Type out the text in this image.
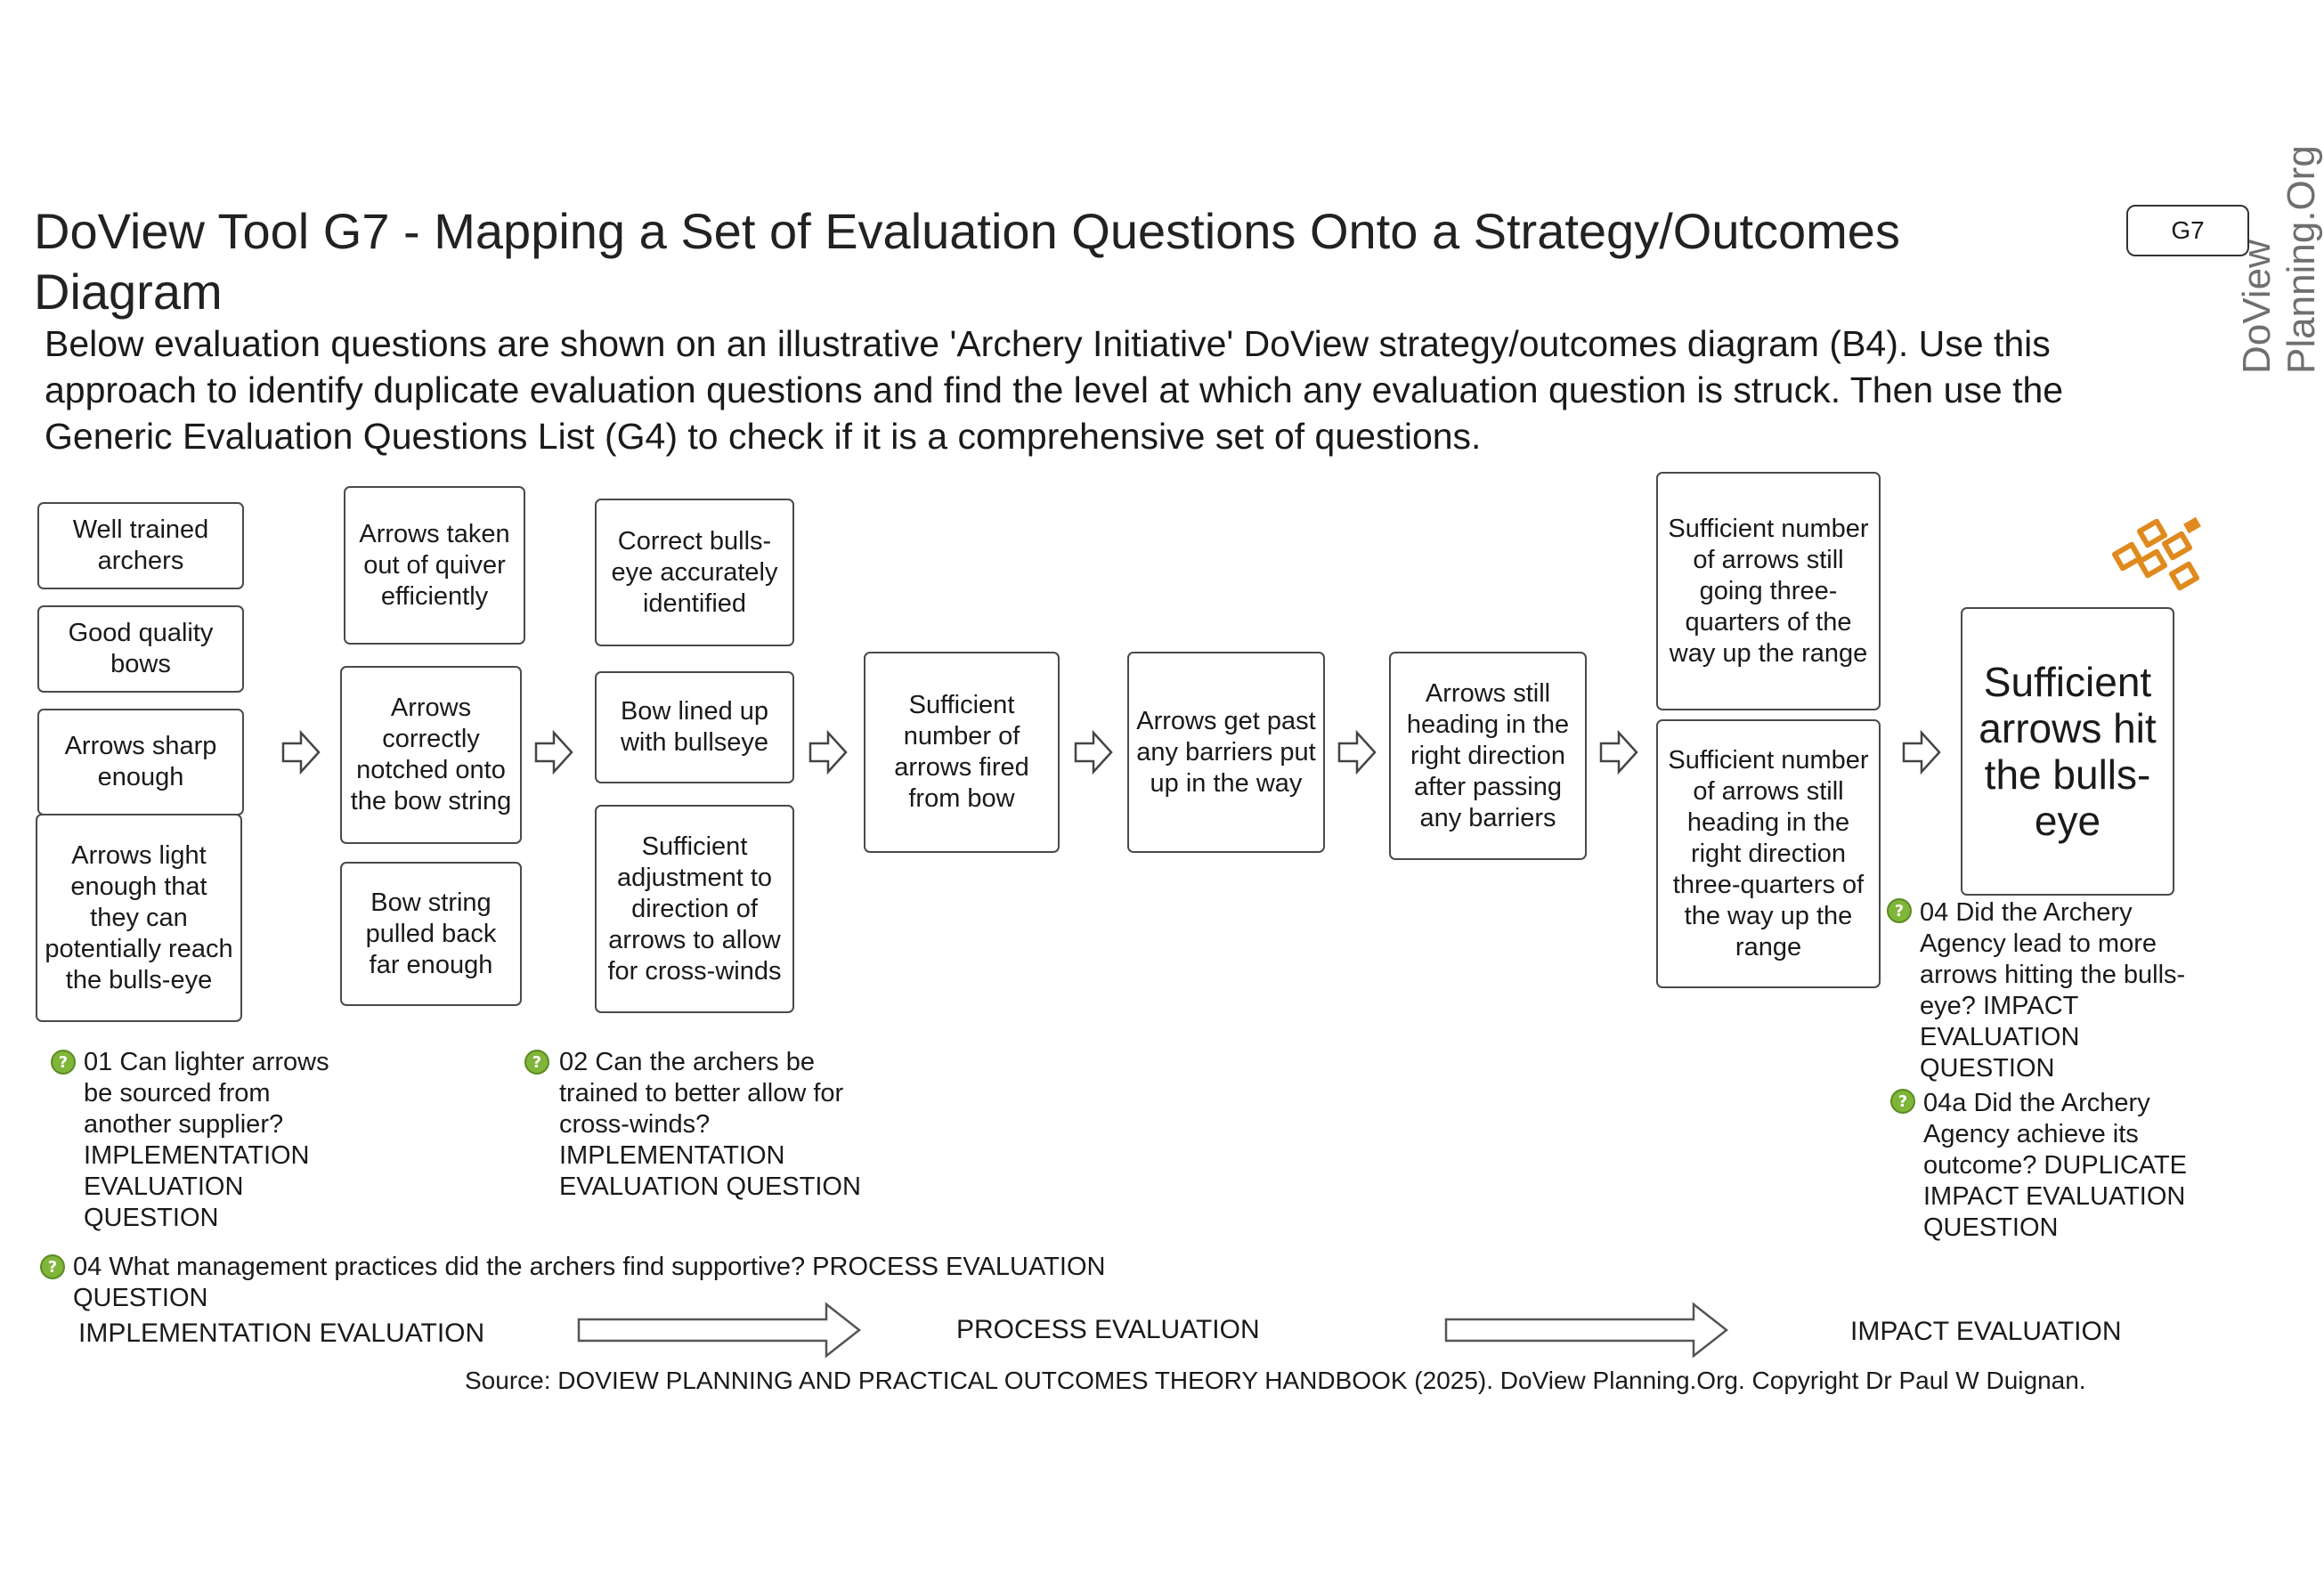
DoView Tool G7 - Mapping a Set of Evaluation Questions Onto a Strategy/Outcomes Diagram
Below evaluation questions are shown on an illustrative 'Archery Initiative' DoView strategy/outcomes diagram (B4). Use this approach to identify duplicate evaluation questions and find the level at which any evaluation question is struck. Then use the Generic Evaluation Questions List (G4) to check if it is a comprehensive set of questions.
G7
DoView Planning.Org
Well trained archers
Good quality bows
Arrows sharp enough
Arrows light enough that they can potentially reach the bulls-eye
Arrows taken out of quiver efficiently
Arrows correctly notched onto the bow string
Bow string pulled back far enough
Correct bulls-eye accurately identified
Bow lined up with bullseye
Sufficient adjustment to direction of arrows to allow for cross-winds
Sufficient number of arrows fired from bow
Arrows get past any barriers put up in the way
Arrows still heading in the right direction after passing any barriers
Sufficient number of arrows still going three-quarters of the way up the range
Sufficient number of arrows still heading in the right direction three-quarters of the way up the range
Sufficient arrows hit the bulls-eye
? 01 Can lighter arrows be sourced from another supplier? IMPLEMENTATION EVALUATION QUESTION
? 02 Can the archers be trained to better allow for cross-winds? IMPLEMENTATION EVALUATION QUESTION
? 04 Did the Archery Agency lead to more arrows hitting the bulls-eye? IMPACT EVALUATION QUESTION
? 04a Did the Archery Agency achieve its outcome? DUPLICATE IMPACT EVALUATION QUESTION
? 04 What management practices did the archers find supportive? PROCESS EVALUATION QUESTION
IMPLEMENTATION EVALUATION	PROCESS EVALUATION	IMPACT EVALUATION
Source: DOVIEW PLANNING AND PRACTICAL OUTCOMES THEORY HANDBOOK (2025). DoView Planning.Org. Copyright Dr Paul W Duignan.
